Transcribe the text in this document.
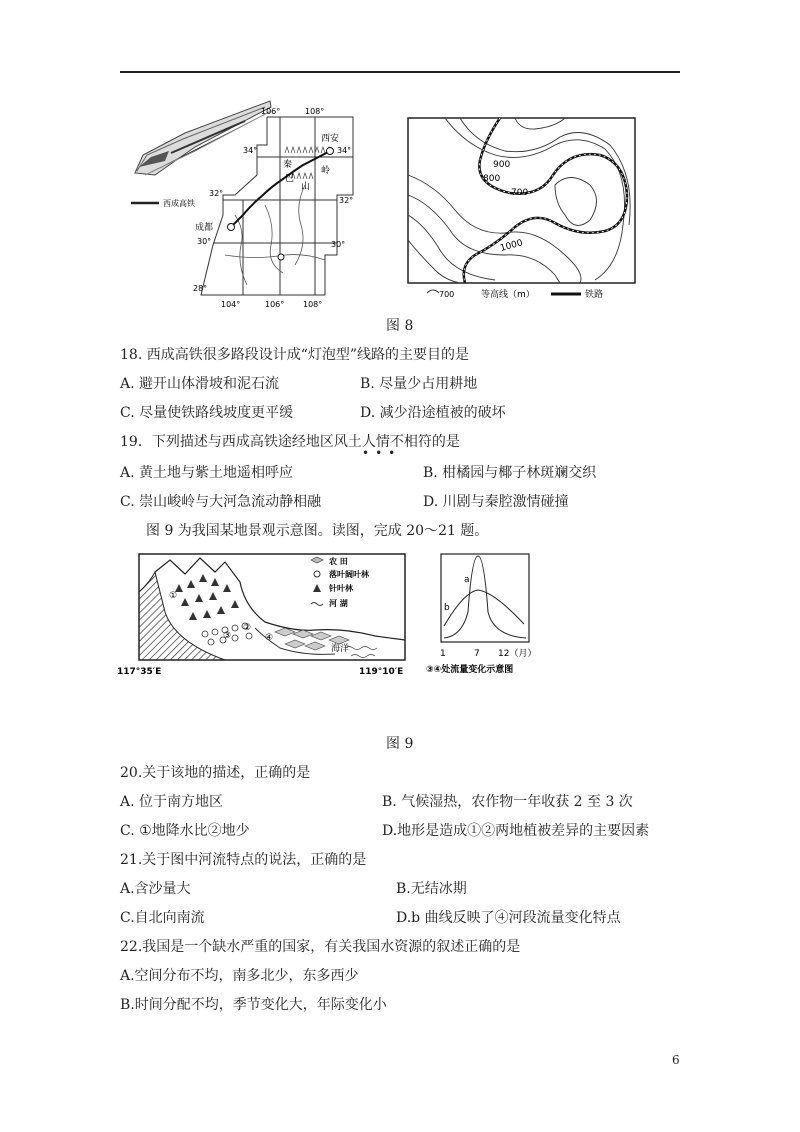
西成高铁
106°	108°
34°	34°
32°
32°
30°	30°
28°
104°	106° 108°
西安
成都
秦
岭
巴
山
900
800
700
1000
700	等高线（m）	铁路
图 8
18. 西成高铁很多路段设计成“灯泡型”线路的主要目的是
A. 避开山体滑坡和泥石流	B. 尽量少占用耕地
C. 尽量使铁路线坡度更平缓	D. 减少沿途植被的破坏
19．下列描述与西成高铁途经地区风土人情不相符的是
•••
A. 黄土地与紫土地遥相呼应	B. 柑橘园与椰子林斑斓交织
C. 崇山峻岭与大河急流动静相融	D. 川剧与秦腔激情碰撞
图 9 为我国某地景观示意图。读图，完成 20～21 题。
农 田
落叶阔叶林
针叶林
河 湖
①
②
③	④
海洋
117°35′E	119°10′E
a
b
1	7 12（月）
③④处流量变化示意图
图 9
20.关于该地的描述，正确的是
A. 位于南方地区	B. 气候湿热，农作物一年收获 2 至 3 次
C. ①地降水比②地少	D.地形是造成①②两地植被差异的主要因素
21.关于图中河流特点的说法，正确的是
A.含沙量大	B.无结冰期
C.自北向南流	D.b 曲线反映了④河段流量变化特点
22.我国是一个缺水严重的国家，有关我国水资源的叙述正确的是
A.空间分布不均，南多北少，东多西少
B.时间分配不均，季节变化大，年际变化小
6
